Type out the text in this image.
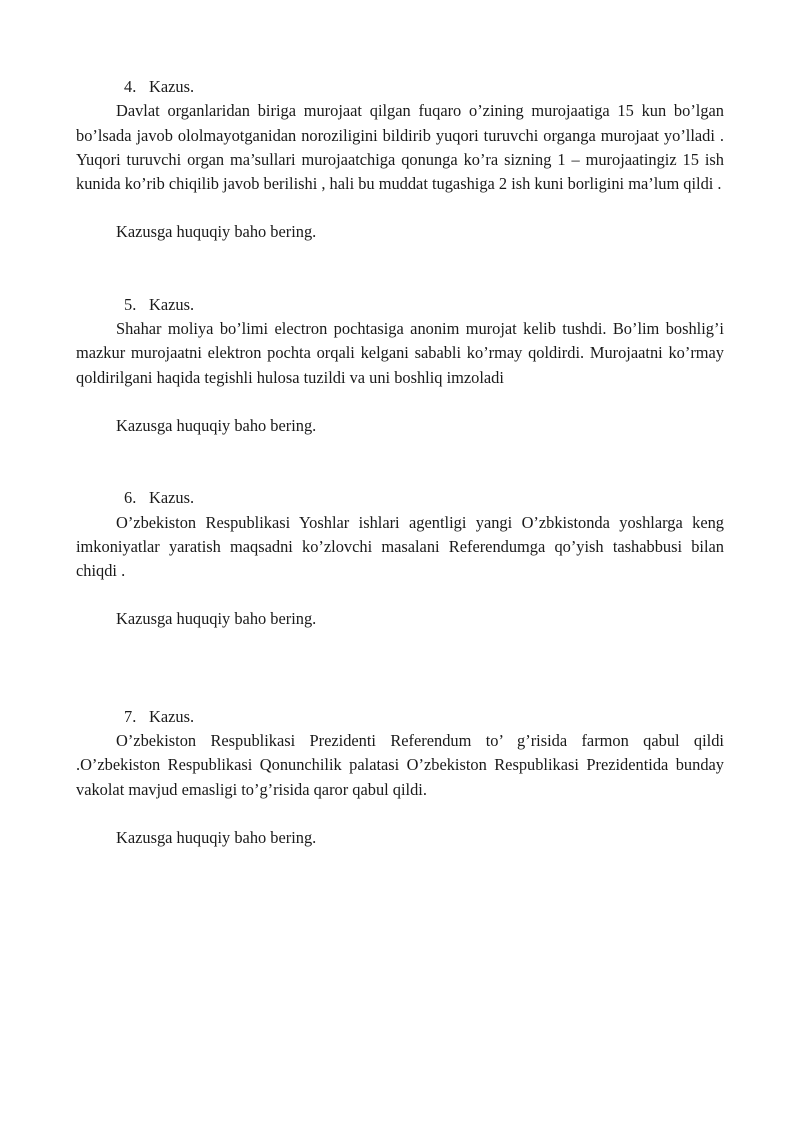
4. Kazus.

Davlat organlaridan biriga murojaat qilgan fuqaro o’zining murojaatiga 15 kun bo’lgan bo’lsada javob ololmayotganidan noroziligini bildirib yuqori turuvchi organga murojaat yo’lladi . Yuqori turuvchi organ ma’sullari murojaatchiga qonunga ko’ra sizning 1 – murojaatingiz 15 ish kunida ko’rib chiqilib javob berilishi , hali bu muddat tugashiga 2 ish kuni borligini ma’lum qildi .

Kazusga huquqiy baho bering.

5. Kazus.

Shahar moliya bo’limi electron pochtasiga anonim murojat kelib tushdi. Bo’lim boshlig’i mazkur murojaatni elektron pochta orqali kelgani sababli ko’rmay qoldirdi. Murojaatni ko’rmay qoldirilgani haqida tegishli hulosa tuzildi va uni boshliq imzoladi

Kazusga huquqiy baho bering.

6. Kazus.

O’zbekiston Respublikasi Yoshlar ishlari agentligi yangi O’zbkistonda yoshlarga keng imkoniyatlar yaratish maqsadni ko’zlovchi masalani Referendumga qo’yish tashabbusi bilan chiqdi .

Kazusga huquqiy baho bering.

7. Kazus.

O’zbekiston Respublikasi Prezidenti Referendum to’ g’risida farmon qabul qildi .O’zbekiston Respublikasi Qonunchilik palatasi O’zbekiston Respublikasi Prezidentida bunday vakolat mavjud emasligi to’g’risida qaror qabul qildi.

Kazusga huquqiy baho bering.
